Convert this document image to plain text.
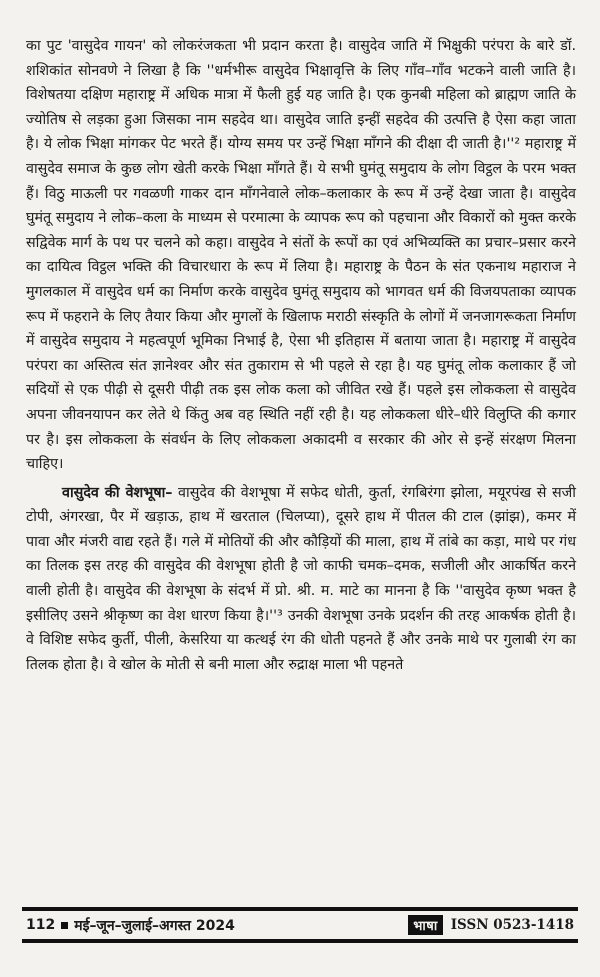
का पुट 'वासुदेव गायन' को लोकरंजकता भी प्रदान करता है। वासुदेव जाति में भिक्षुकी परंपरा के बारे डॉ. शशिकांत सोनवणे ने लिखा है कि ''धर्मभीरू वासुदेव भिक्षावृत्ति के लिए गाँव–गाँव भटकने वाली जाति है। विशेषतया दक्षिण महाराष्ट्र में अधिक मात्रा में फैली हुई यह जाति है। एक कुनबी महिला को ब्राह्मण जाति के ज्योतिष से लड़का हुआ जिसका नाम सहदेव था। वासुदेव जाति इन्हीं सहदेव की उत्पत्ति है ऐसा कहा जाता है। ये लोक भिक्षा मांगकर पेट भरते हैं। योग्य समय पर उन्हें भिक्षा माँगने की दीक्षा दी जाती है।''² महाराष्ट्र में वासुदेव समाज के कुछ लोग खेती करके भिक्षा माँगते हैं। ये सभी घुमंतू समुदाय के लोग विट्ठल के परम भक्त हैं। विठु माऊली पर गवळणी गाकर दान माँगनेवाले लोक–कलाकार के रूप में उन्हें देखा जाता है। वासुदेव घुमंतू समुदाय ने लोक–कला के माध्यम से परमात्मा के व्यापक रूप को पहचाना और विकारों को मुक्त करके सद्विवेक मार्ग के पथ पर चलने को कहा। वासुदेव ने संतों के रूपों का एवं अभिव्यक्ति का प्रचार–प्रसार करने का दायित्व विट्ठल भक्ति की विचारधारा के रूप में लिया है। महाराष्ट्र के पैठन के संत एकनाथ महाराज ने मुगलकाल में वासुदेव धर्म का निर्माण करके वासुदेव घुमंतू समुदाय को भागवत धर्म की विजयपताका व्यापक रूप में फहराने के लिए तैयार किया और मुगलों के खिलाफ मराठी संस्कृति के लोगों में जनजागरूकता निर्माण में वासुदेव समुदाय ने महत्वपूर्ण भूमिका निभाई है, ऐसा भी इतिहास में बताया जाता है। महाराष्ट्र में वासुदेव परंपरा का अस्तित्व संत ज्ञानेश्वर और संत तुकाराम से भी पहले से रहा है। यह घुमंतू लोक कलाकार हैं जो सदियों से एक पीढ़ी से दूसरी पीढ़ी तक इस लोक कला को जीवित रखे हैं। पहले इस लोककला से वासुदेव अपना जीवनयापन कर लेते थे किंतु अब वह स्थिति नहीं रही है। यह लोककला धीरे–धीरे विलुप्ति की कगार पर है। इस लोककला के संवर्धन के लिए लोककला अकादमी व सरकार की ओर से इन्हें संरक्षण मिलना चाहिए।

वासुदेव की वेशभूषा– वासुदेव की वेशभूषा में सफेद धोती, कुर्ता, रंगबिरंगा झोला, मयूरपंख से सजी टोपी, अंगरखा, पैर में खड़ाऊ, हाथ में खरताल (चिलप्या), दूसरे हाथ में पीतल की टाल (झांझ), कमर में पावा और मंजरी वाद्य रहते हैं। गले में मोतियों की और कौड़ियों की माला, हाथ में तांबे का कड़ा, माथे पर गंध का तिलक इस तरह की वासुदेव की वेशभूषा होती है जो काफी चमक–दमक, सजीली और आकर्षित करने वाली होती है। वासुदेव की वेशभूषा के संदर्भ में प्रो. श्री. म. माटे का मानना है कि ''वासुदेव कृष्ण भक्त है इसीलिए उसने श्रीकृष्ण का वेश धारण किया है।''³ उनकी वेशभूषा उनके प्रदर्शन की तरह आकर्षक होती है। वे विशिष्ट सफेद कुर्ती, पीली, केसरिया या कत्थई रंग की धोती पहनते हैं और उनके माथे पर गुलाबी रंग का तिलक होता है। वे खोल के मोती से बनी माला और रुद्राक्ष माला भी पहनते

112 मई–जून–जुलाई–अगस्त 2024	भाषा ISSN 0523-1418
